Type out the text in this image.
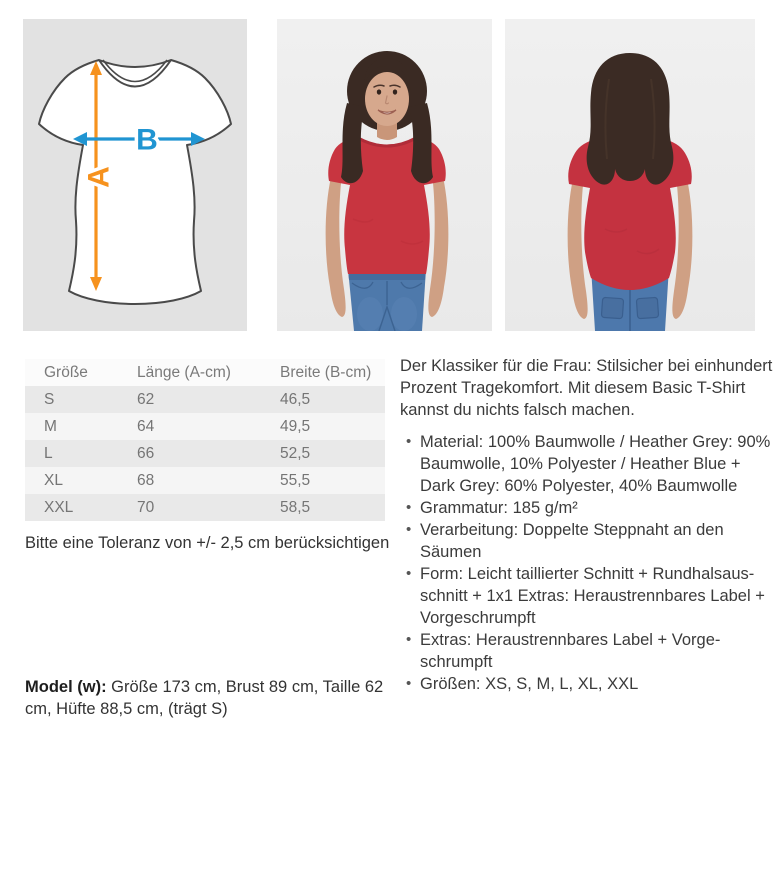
A
B
Größe	Länge (A-cm)	Breite (B-cm)
S	62	46,5
M	64	49,5
L	66	52,5
XL	68	55,5
XXL	70	58,5

Bitte eine Toleranz von +/- 2,5 cm berücksichtigen

Model (w): Größe 173 cm, Brust 89 cm, Taille 62 cm, Hüfte 88,5 cm, (trägt S)

Der Klassiker für die Frau: Stilsicher bei einhundert Prozent Tragekomfort. Mit diesem Basic T-Shirt kannst du nichts falsch machen.

• Material: 100% Baumwolle / Heather Grey: 90% Baumwolle, 10% Polyester / Heather Blue + Dark Grey: 60% Polyester, 40% Baumwolle
• Grammatur: 185 g/m²
• Verarbeitung: Doppelte Steppnaht an den Säumen
• Form: Leicht taillierter Schnitt + Rundhalsausschnitt + 1x1 Extras: Heraustrennbares Label + Vorgeschrumpft
• Extras: Heraustrennbares Label + Vorgeschrumpft
• Größen: XS, S, M, L, XL, XXL
